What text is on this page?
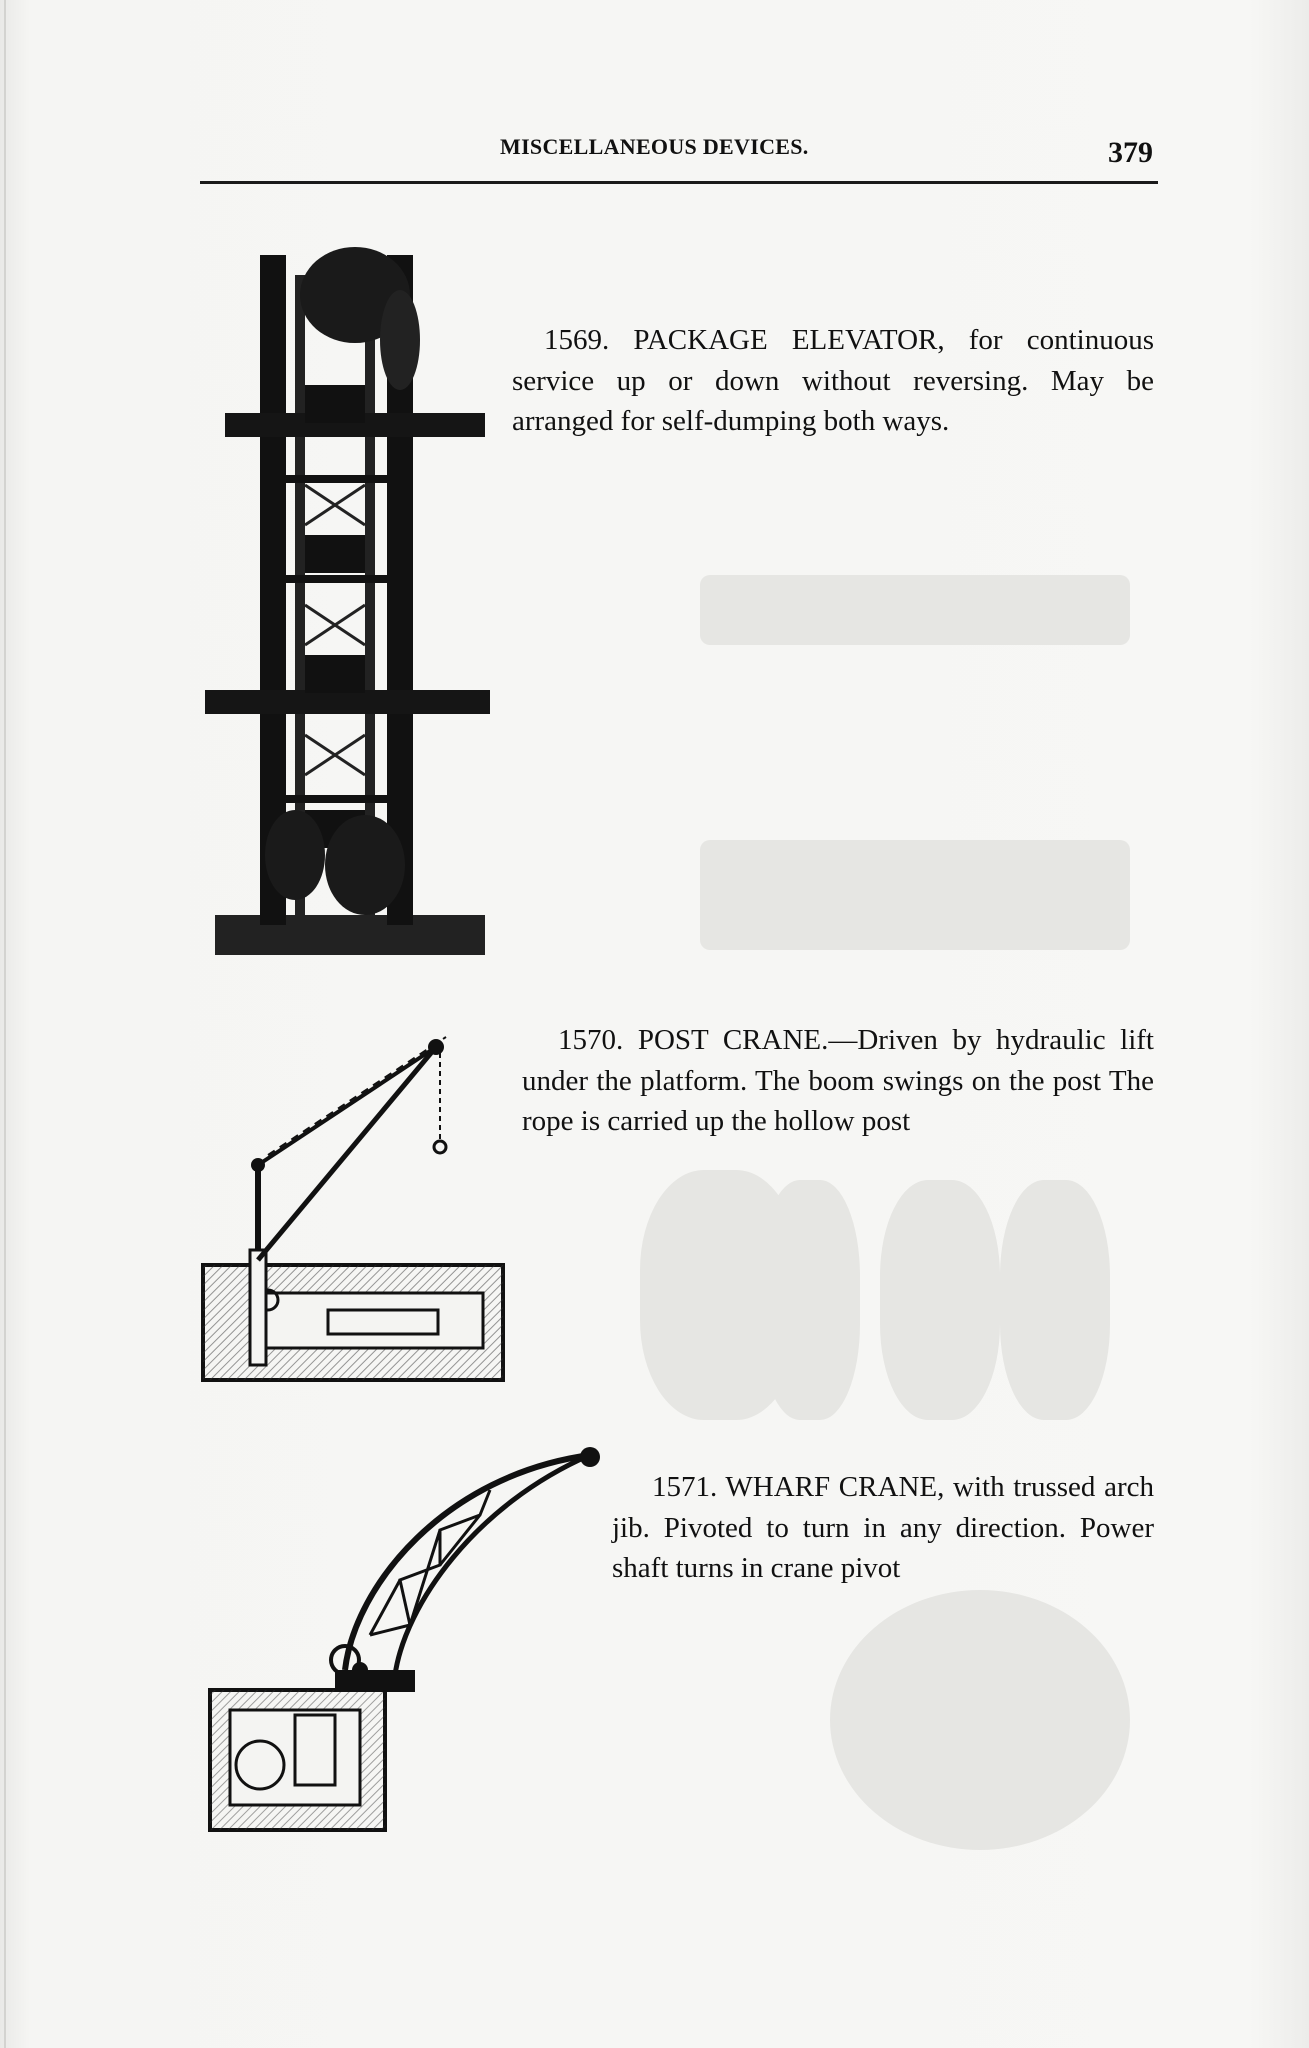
MISCELLANEOUS DEVICES.	379
1569. PACKAGE ELEVATOR, for continuous service up or down without reversing. May be arranged for self-dumping both ways.
1570. POST CRANE.—Driven by hydraulic lift under the platform. The boom swings on the post The rope is carried up the hollow post
1571. WHARF CRANE, with trussed arch jib. Pivoted to turn in any direction. Power shaft turns in crane pivot
